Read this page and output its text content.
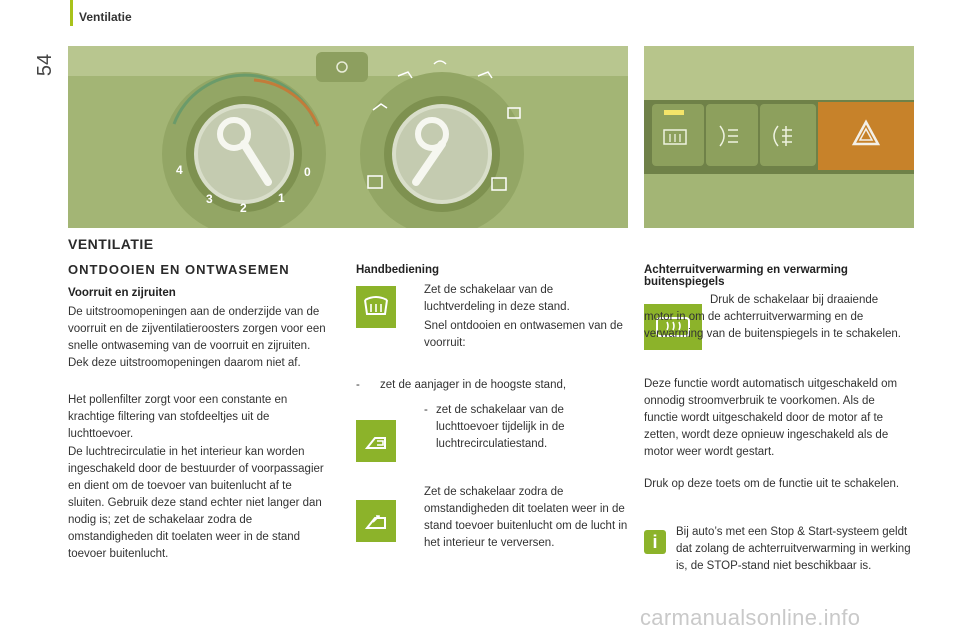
54
Ventilatie
4
3
2
1
0
VENTILATIE
ONTDOOIEN EN ONTWASEMEN
Voorruit en zijruiten
De uitstroomopeningen aan de onderzijde van de voorruit en de zijventilatieroosters zorgen voor een snelle ontwaseming van de voorruit en zijruiten. Dek deze uitstroomopeningen daarom niet af.
Het pollenfilter zorgt voor een constante en krachtige filtering van stofdeeltjes uit de luchttoevoer.
De luchtrecirculatie in het interieur kan worden ingeschakeld door de bestuurder of voorpassagier en dient om de toevoer van buitenlucht af te sluiten. Gebruik deze stand echter niet langer dan nodig is; zet de schakelaar zodra de omstandigheden dit toelaten weer in de stand toevoer buitenlucht.
Handbediening
Zet de schakelaar van de luchtverdeling in deze stand.
Snel ontdooien en ontwasemen van de voorruit:
- zet de aanjager in de hoogste stand,
- zet de schakelaar van de luchttoevoer tijdelijk in de luchtrecirculatiestand.
Zet de schakelaar zodra de omstandigheden dit toelaten weer in de stand toevoer buitenlucht om de lucht in het interieur te verversen.
Achterruitverwarming en verwarming buitenspiegels
Druk de schakelaar bij draaiende motor in om de achterruitverwarming en de verwarming van de buitenspiegels in te schakelen.
Deze functie wordt automatisch uitgeschakeld om onnodig stroomverbruik te voorkomen. Als de functie wordt uitgeschakeld door de motor af te zetten, wordt deze opnieuw ingeschakeld als de motor weer wordt gestart.
Druk op deze toets om de functie uit te schakelen.
i	Bij auto’s met een Stop & Start-systeem geldt dat zolang de achterruitverwarming in werking is, de STOP-stand niet beschikbaar is.
carmanualsonline.info
